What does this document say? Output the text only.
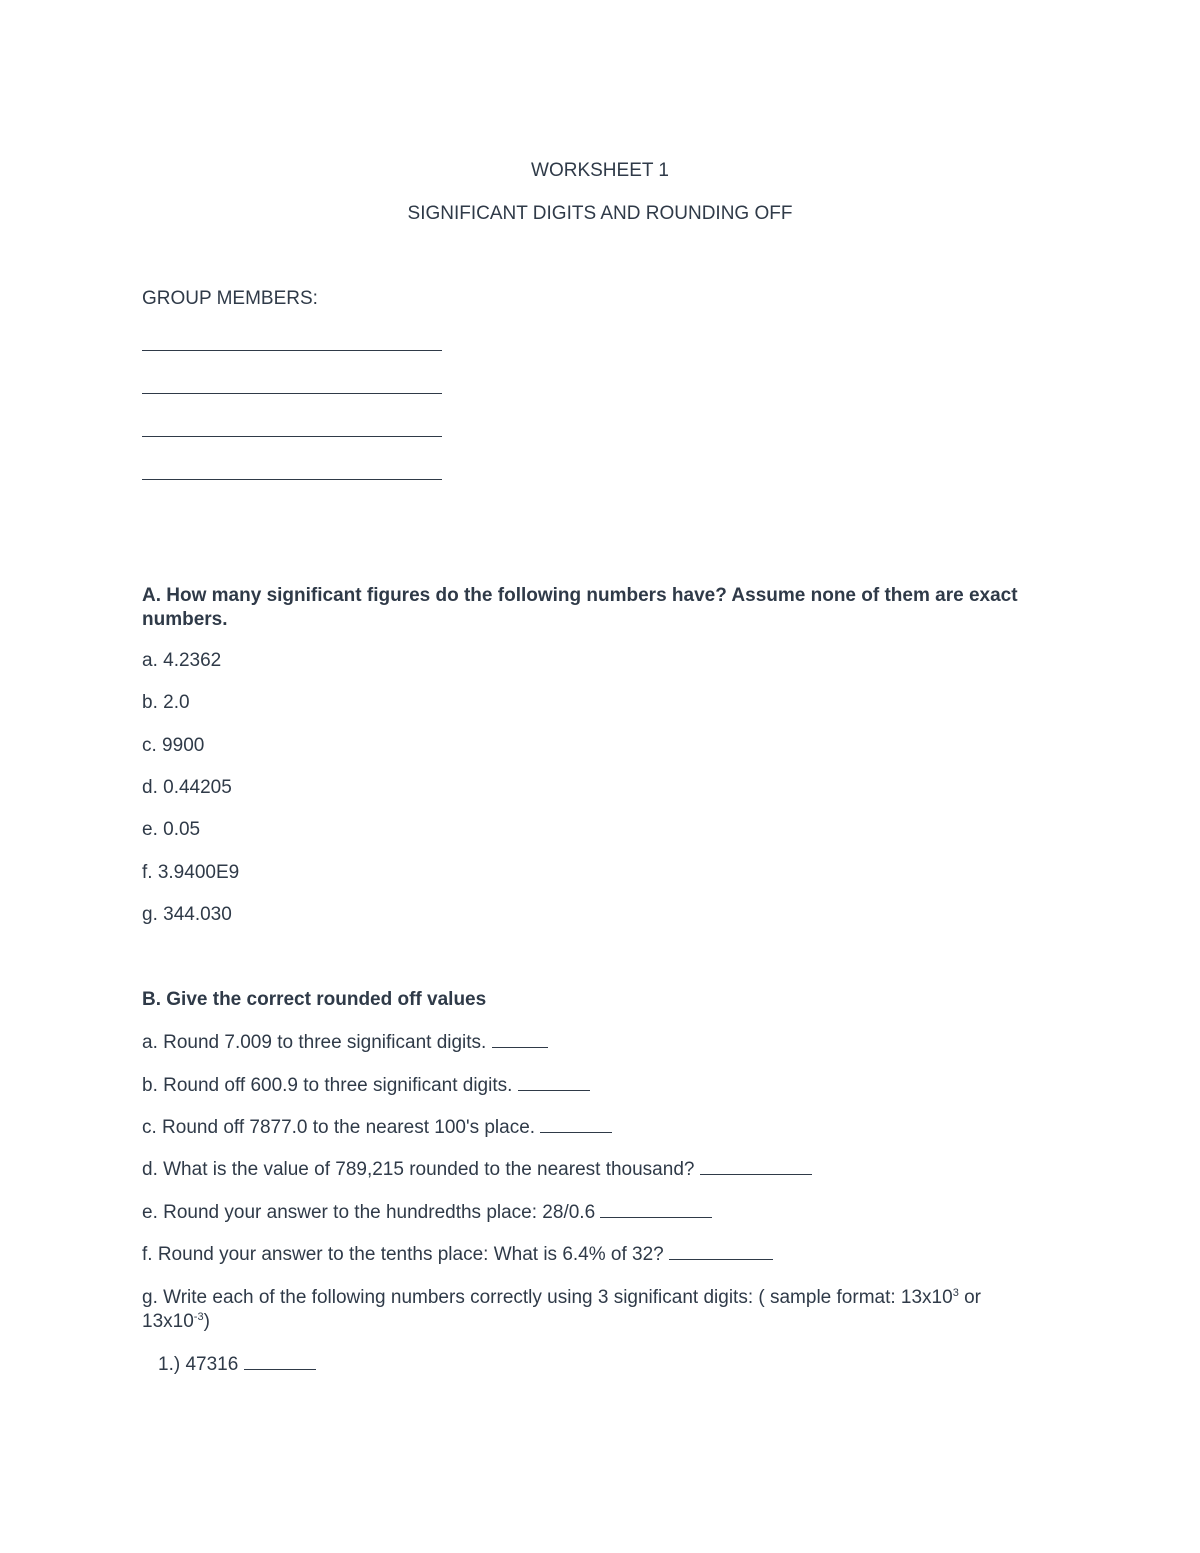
WORKSHEET 1
SIGNIFICANT DIGITS AND ROUNDING OFF
GROUP MEMBERS:
A. How many significant figures do the following numbers have? Assume none of them are exact numbers.
a. 4.2362
b. 2.0
c. 9900
d. 0.44205
e. 0.05
f. 3.9400E9
g. 344.030
B. Give the correct rounded off values
a. Round 7.009 to three significant digits.
b. Round off 600.9 to three significant digits.
c. Round off 7877.0 to the nearest 100's place.
d. What is the value of 789,215 rounded to the nearest thousand?
e. Round your answer to the hundredths place: 28/0.6
f. Round your answer to the tenths place: What is 6.4% of 32?
g. Write each of the following numbers correctly using 3 significant digits: ( sample format: $13x10^3$ or
$13x10^{-3}$)
1.) 47316
